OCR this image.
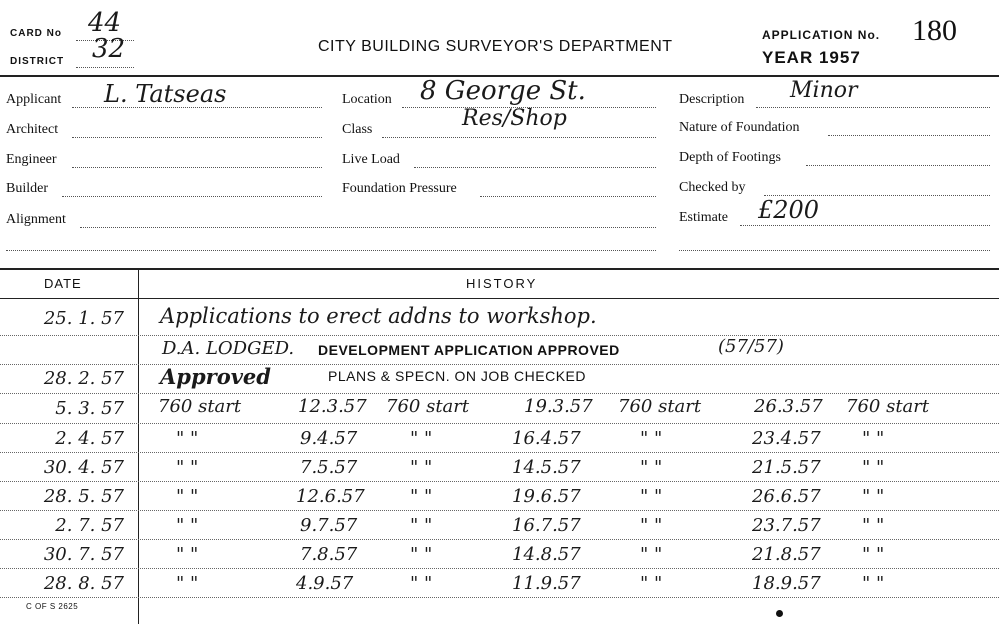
CARD No 44
DISTRICT 32	CITY BUILDING SURVEYOR'S DEPARTMENT
APPLICATION No. 180
YEAR 1957
Applicant L. Tatseas
Architect
Engineer
Builder
Alignment
Location 8 George St.
Class	Res/Shop
Live Load
Foundation Pressure
Description Minor
Nature of Foundation
Depth of Footings
Checked by
Estimate £200
DATE	HISTORY
25. 1. 57 Applications to erect addns to workshop.
D.A. LODGED. DEVELOPMENT APPLICATION APPROVED	(57/57)
28. 2. 57 Approved	PLANS & SPECN. ON JOB CHECKED
5. 3. 57 760 start	12.3.57 760 start	19.3.57 760 start	26.3.57 760 start
2. 4. 57	" "	9.4.57	" "	16.4.57	" "	23.4.57 " "
30. 4. 57	" "	7.5.57	" "	14.5.57	" "	21.5.57 " "
28. 5. 57	" "	12.6.57	" "	19.6.57	" "	26.6.57 " "
2. 7. 57	" "	9.7.57	" "	16.7.57	" "	23.7.57 " "
30. 7. 57	" "	7.8.57	" "	14.8.57	" "	21.8.57 " "
28. 8. 57	" "	4.9.57	" "	11.9.57	" "	18.9.57 " "
C OF S 2625
